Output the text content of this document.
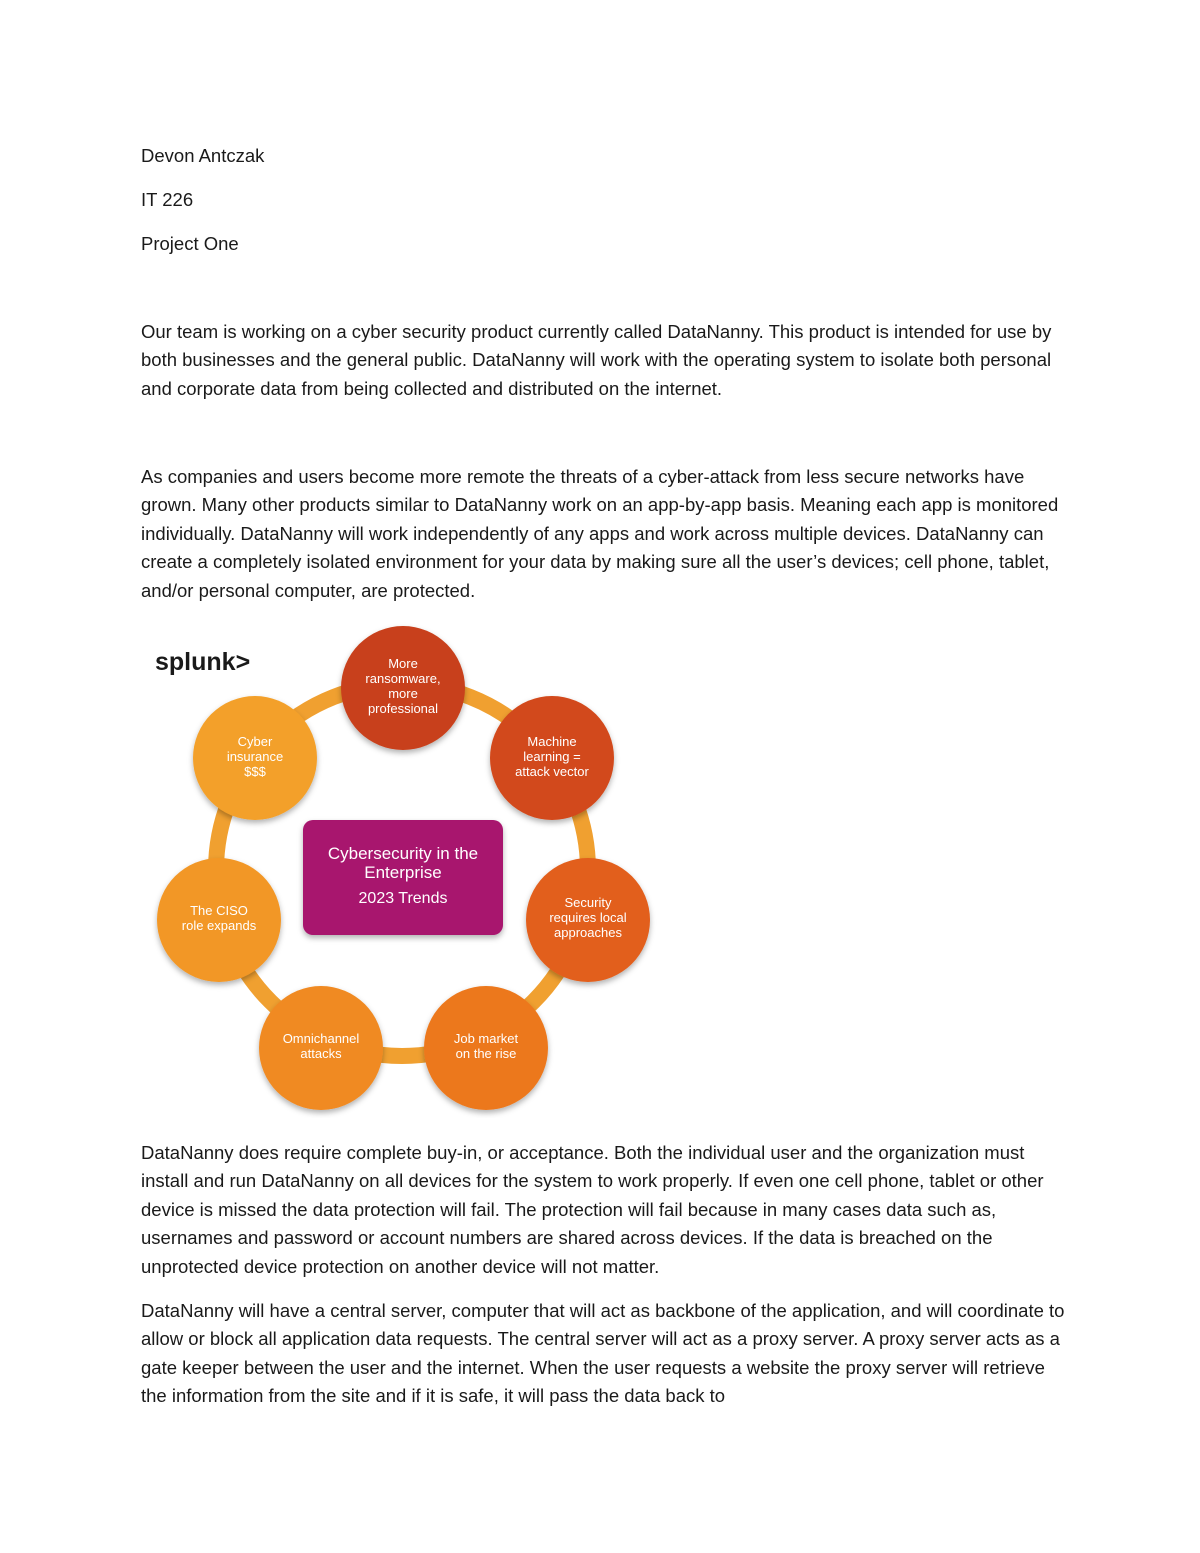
Devon Antczak
IT 226
Project One

Our team is working on a cyber security product currently called DataNanny. This product is intended for use by both businesses and the general public. DataNanny will work with the operating system to isolate both personal and corporate data from being collected and distributed on the internet.

As companies and users become more remote the threats of a cyber-attack from less secure networks have grown. Many other products similar to DataNanny work on an app-by-app basis. Meaning each app is monitored individually. DataNanny will work independently of any apps and work across multiple devices. DataNanny can create a completely isolated environment for your data by making sure all the user’s devices; cell phone, tablet, and/or personal computer, are protected.

splunk>
Cybersecurity in the
Enterprise
2023 Trends
More
ransomware,
more
professional
Machine
learning =
attack vector
Security
requires local
approaches
Job market
on the rise
Omnichannel
attacks
The CISO
role expands
Cyber
insurance
$$$

DataNanny does require complete buy-in, or acceptance. Both the individual user and the organization must install and run DataNanny on all devices for the system to work properly. If even one cell phone, tablet or other device is missed the data protection will fail. The protection will fail because in many cases data such as, usernames and password or account numbers are shared across devices. If the data is breached on the unprotected device protection on another device will not matter.

DataNanny will have a central server, computer that will act as backbone of the application, and will coordinate to allow or block all application data requests. The central server will act as a proxy server. A proxy server acts as a gate keeper between the user and the internet. When the user requests a website the proxy server will retrieve the information from the site and if it is safe, it will pass the data back to
